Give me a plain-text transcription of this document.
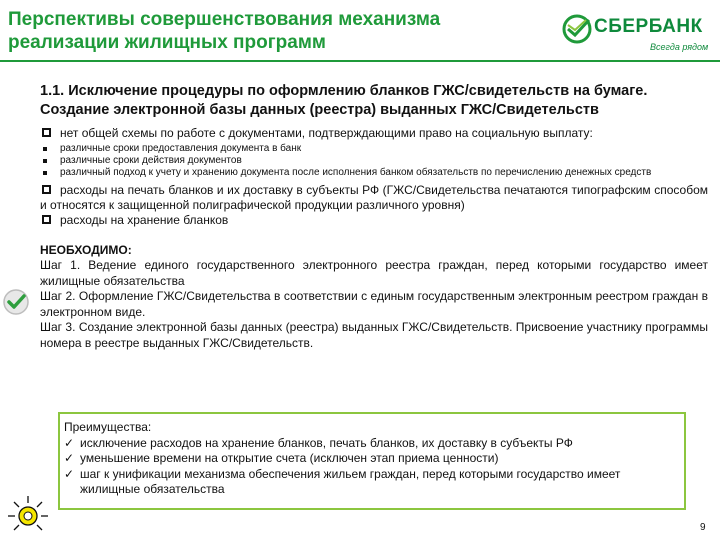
Перспективы совершенствования механизма реализации жилищных программ
СБЕРБАНК
Всегда рядом
1.1. Исключение процедуры по оформлению бланков ГЖС/свидетельств на бумаге. Создание электронной базы данных (реестра) выданных ГЖС/Свидетельств
нет общей схемы по работе с документами, подтверждающими право на социальную выплату:
различные сроки предоставления документа в банк
различные сроки действия документов
различный подход к учету и хранению документа после исполнения банком обязательств по перечислению денежных средств
расходы на печать бланков и их доставку в субъекты РФ (ГЖС/Свидетельства печатаются типографским способом и относятся к защищенной полиграфической продукции различного уровня)
расходы на хранение бланков
НЕОБХОДИМО:
Шаг 1. Ведение единого государственного электронного реестра граждан, перед которыми государство имеет жилищные обязательства
Шаг 2. Оформление ГЖС/Свидетельства в соответствии с единым государственным электронным реестром граждан в электронном виде.
Шаг 3. Создание электронной базы данных (реестра) выданных ГЖС/Свидетельств. Присвоение участнику программы номера в реестре выданных ГЖС/Свидетельств.
Преимущества:
✓ исключение расходов на хранение бланков, печать бланков, их доставку в субъекты РФ
✓ уменьшение времени на открытие счета (исключен этап приема ценности)
✓ шаг к унификации механизма обеспечения жильем граждан, перед которыми государство имеет жилищные обязательства
9
